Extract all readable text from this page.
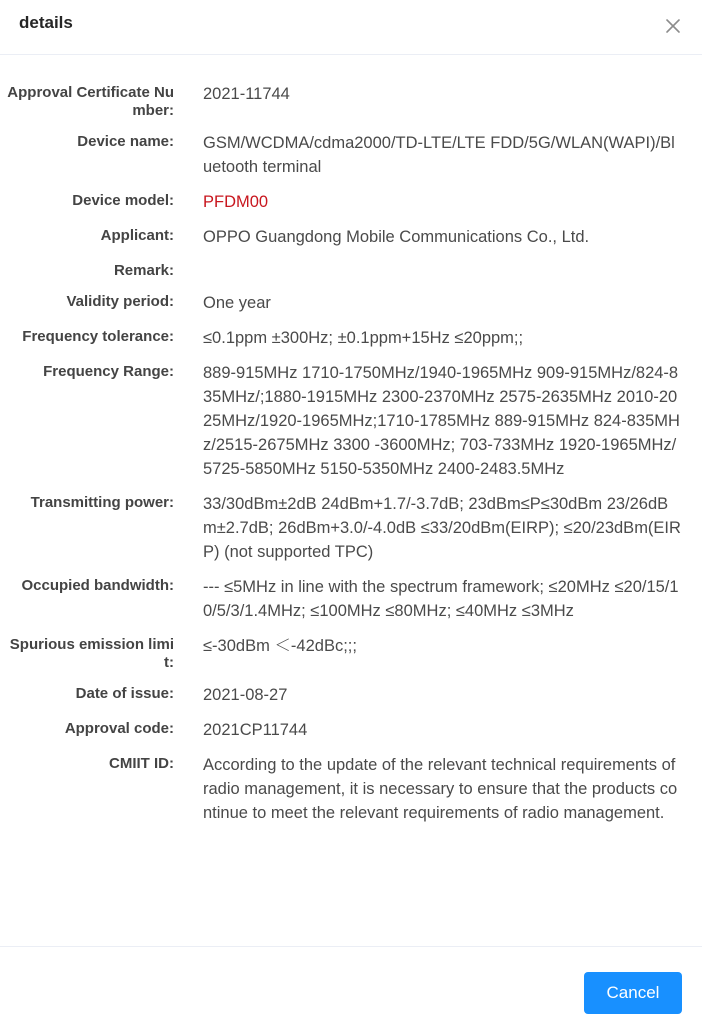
details
Approval Certificate Number:
2021-11744
Device name: GSM/WCDMA/cdma2000/TD-LTE/LTE FDD/5G/WLAN(WAPI)/Bluetooth terminal
Device model: PFDM00
Applicant: OPPO Guangdong Mobile Communications Co., Ltd.
Remark:
Validity period: One year
Frequency tolerance: ≤0.1ppm ±300Hz; ±0.1ppm+15Hz ≤20ppm;;
Frequency Range: 889-915MHz 1710-1750MHz/1940-1965MHz 909-915MHz/824-835MHz/;1880-1915MHz 2300-2370MHz 2575-2635MHz 2010-2025MHz/1920-1965MHz;1710-1785MHz 889-915MHz 824-835MHz/2515-2675MHz 3300 -3600MHz; 703-733MHz 1920-1965MHz/5725-5850MHz 5150-5350MHz 2400-2483.5MHz
Transmitting power: 33/30dBm±2dB 24dBm+1.7/-3.7dB; 23dBm≤P≤30dBm 23/26dBm±2.7dB; 26dBm+3.0/-4.0dB ≤33/20dBm(EIRP); ≤20/23dBm(EIRP) (not supported TPC)
Occupied bandwidth: --- ≤5MHz in line with the spectrum framework; ≤20MHz ≤20/15/10/5/3/1.4MHz; ≤100MHz ≤80MHz; ≤40MHz ≤3MHz
Spurious emission limit:
≤-30dBm ＜-42dBc;;;
Date of issue: 2021-08-27
Approval code: 2021CP11744
CMIIT ID: According to the update of the relevant technical requirements of radio management, it is necessary to ensure that the products continue to meet the relevant requirements of radio management.
Cancel
